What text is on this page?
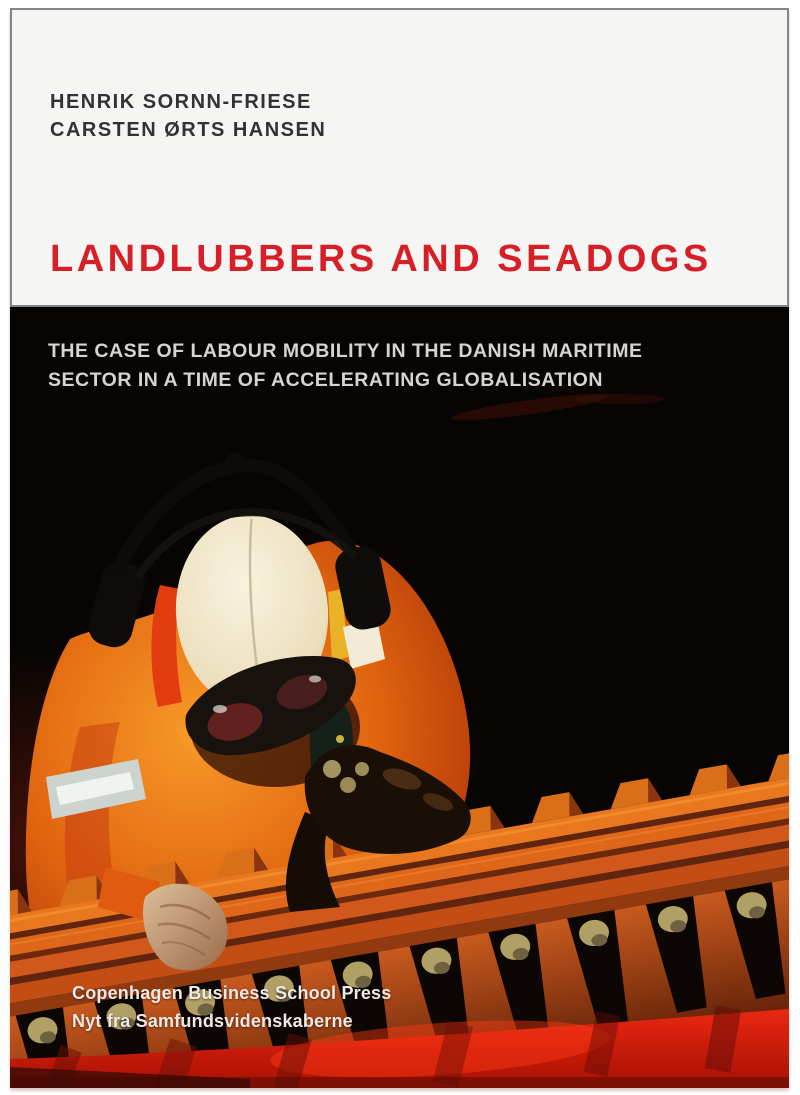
HENRIK SORNN-FRIESE
CARSTEN ØRTS HANSEN
LANDLUBBERS AND SEADOGS
THE CASE OF LABOUR MOBILITY IN THE DANISH MARITIME
SECTOR IN A TIME OF ACCELERATING GLOBALISATION
Copenhagen Business School Press
Nyt fra Samfundsvidenskaberne
